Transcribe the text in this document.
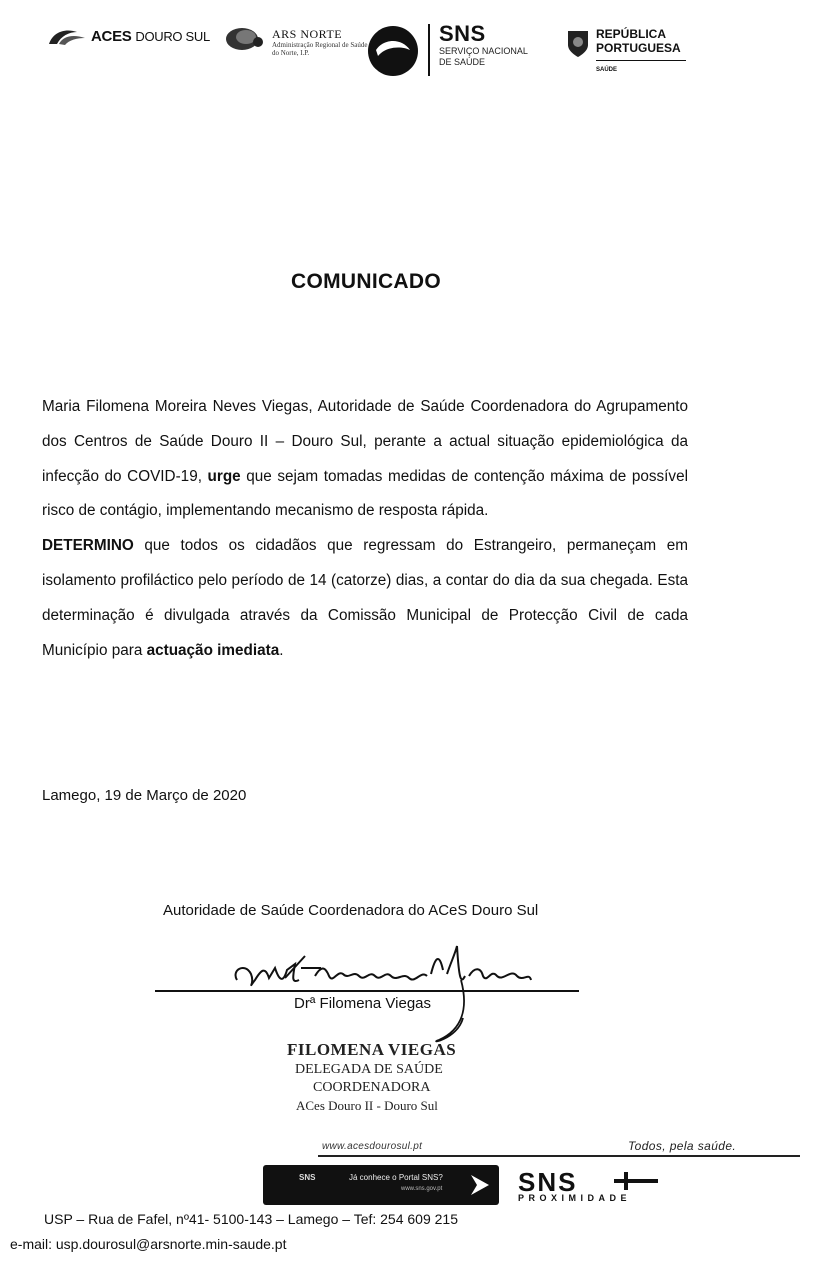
ACES DOURO SUL	ARS NORTE
Administração Regional de Saúde do Norte, I.P.
SNS
SERVIÇO NACIONAL
DE SAÚDE
REPÚBLICA
PORTUGUESA
SAÚDE
COMUNICADO

Maria Filomena Moreira Neves Viegas, Autoridade de Saúde Coordenadora do Agrupamento dos Centros de Saúde Douro II – Douro Sul, perante a actual situação epidemiológica da infecção do COVID-19, urge que sejam tomadas medidas de contenção máxima de possível risco de contágio, implementando mecanismo de resposta rápida.

DETERMINO que todos os cidadãos que regressam do Estrangeiro, permaneçam em isolamento profiláctico pelo período de 14 (catorze) dias, a contar do dia da sua chegada. Esta determinação é divulgada através da Comissão Municipal de Protecção Civil de cada Município para actuação imediata.

Lamego, 19 de Março de 2020
Autoridade de Saúde Coordenadora do ACeS Douro Sul
Drª Filomena Viegas
FILOMENA VIEGAS
DELEGADA DE SAÚDE
COORDENADORA
ACes Douro II - Douro Sul
www.acesdourosul.pt	Todos, pela saúde.
SNS	Já conhece o Portal SNS?
www.sns.gov.pt	SNS
PROXIMIDADE
USP – Rua de Fafel, nº41- 5100-143 – Lamego – Tef: 254 609 215
e-mail: usp.dourosul@arsnorte.min-saude.pt
